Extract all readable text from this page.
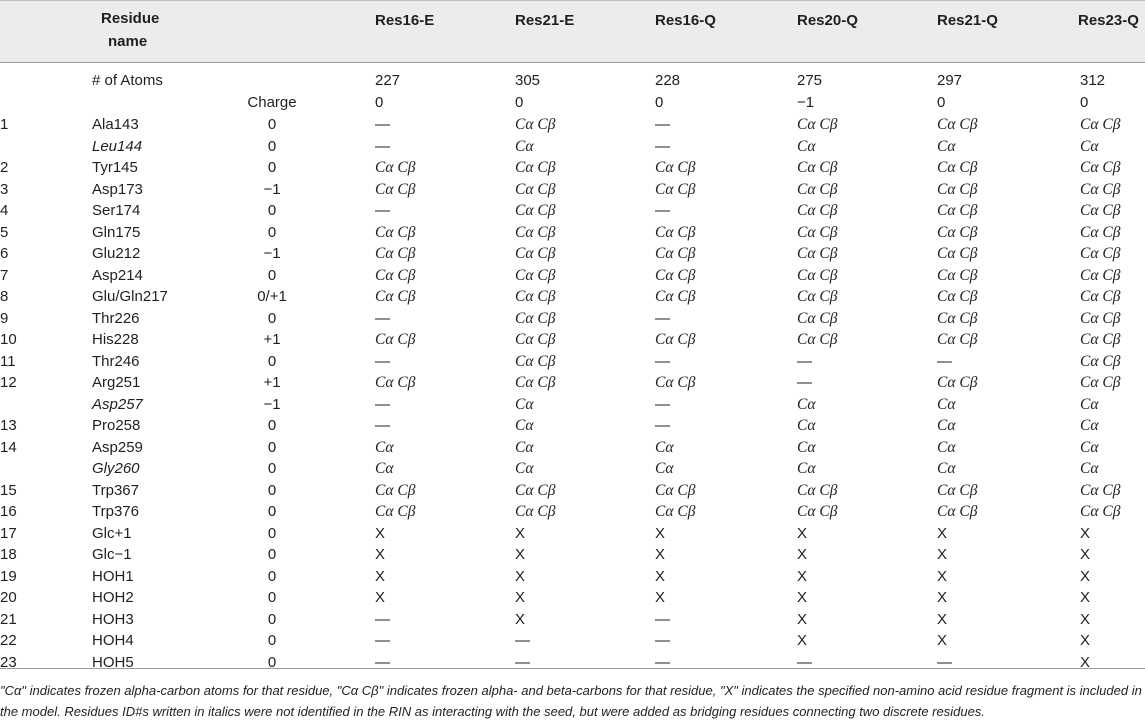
Residue
name
Res16-E	Res21-E	Res16-Q	Res20-Q	Res21-Q	Res23-Q
# of Atoms	227	305	228	275	297	312
Charge	0	0	0	−1	0	0
1	Ala143	0	—	Cα Cβ	—	Cα Cβ	Cα Cβ	Cα Cβ
Leu144	0	—	Cα	—	Cα	Cα	Cα
2	Tyr145	0	Cα Cβ	Cα Cβ	Cα Cβ	Cα Cβ	Cα Cβ	Cα Cβ
3	Asp173	−1	Cα Cβ	Cα Cβ	Cα Cβ	Cα Cβ	Cα Cβ	Cα Cβ
4	Ser174	0	—	Cα Cβ	—	Cα Cβ	Cα Cβ	Cα Cβ
5	Gln175	0	Cα Cβ	Cα Cβ	Cα Cβ	Cα Cβ	Cα Cβ	Cα Cβ
6	Glu212	−1	Cα Cβ	Cα Cβ	Cα Cβ	Cα Cβ	Cα Cβ	Cα Cβ
7	Asp214	0	Cα Cβ	Cα Cβ	Cα Cβ	Cα Cβ	Cα Cβ	Cα Cβ
8	Glu/Gln217	0/+1	Cα Cβ	Cα Cβ	Cα Cβ	Cα Cβ	Cα Cβ	Cα Cβ
9	Thr226	0	—	Cα Cβ	—	Cα Cβ	Cα Cβ	Cα Cβ
10	His228	+1	Cα Cβ	Cα Cβ	Cα Cβ	Cα Cβ	Cα Cβ	Cα Cβ
11	Thr246	0	—	Cα Cβ	—	—	—	Cα Cβ
12	Arg251	+1	Cα Cβ	Cα Cβ	Cα Cβ	—	Cα Cβ	Cα Cβ
Asp257	−1	—	Cα	—	Cα	Cα	Cα
13	Pro258	0	—	Cα	—	Cα	Cα	Cα
14	Asp259	0	Cα	Cα	Cα	Cα	Cα	Cα
Gly260	0	Cα	Cα	Cα	Cα	Cα	Cα
15	Trp367	0	Cα Cβ	Cα Cβ	Cα Cβ	Cα Cβ	Cα Cβ	Cα Cβ
16	Trp376	0	Cα Cβ	Cα Cβ	Cα Cβ	Cα Cβ	Cα Cβ	Cα Cβ
17	Glc+1	0	X	X	X	X	X	X
18	Glc−1	0	X	X	X	X	X	X
19	HOH1	0	X	X	X	X	X	X
20	HOH2	0	X	X	X	X	X	X
21	HOH3	0	—	X	—	X	X	X
22	HOH4	0	—	—	—	X	X	X
23	HOH5	0	—	—	—	—	—	X
"Cα" indicates frozen alpha-carbon atoms for that residue, "Cα Cβ" indicates frozen alpha- and beta-carbons for that residue, "X" indicates the specified non-amino acid residue fragment is included in the model. Residues ID#s written in italics were not identified in the RIN as interacting with the seed, but were added as bridging residues connecting two discrete residues.
